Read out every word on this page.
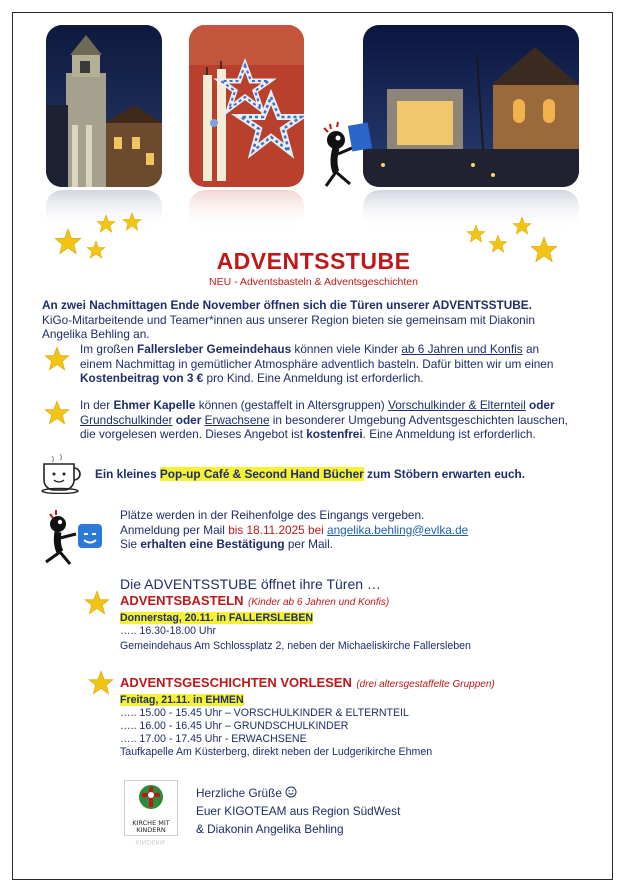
ADVENTSSTUBE
NEU - Adventsbasteln & Adventsgeschichten
An zwei Nachmittagen Ende November öffnen sich die Türen unserer ADVENTSSTUBE.
KiGo-Mitarbeitende und Teamer*innen aus unserer Region bieten sie gemeinsam mit Diakonin
Angelika Behling an.
Im großen Fallersleber Gemeindehaus können viele Kinder ab 6 Jahren und Konfis an
einem Nachmittag in gemütlicher Atmosphäre adventlich basteln. Dafür bitten wir um einen
Kostenbeitrag von 3 € pro Kind. Eine Anmeldung ist erforderlich.
In der Ehmer Kapelle können (gestaffelt in Altersgruppen) Vorschulkinder & Elternteil oder
Grundschulkinder oder Erwachsene in besonderer Umgebung Adventsgeschichten lauschen,
die vorgelesen werden. Dieses Angebot ist kostenfrei. Eine Anmeldung ist erforderlich.
Ein kleines Pop-up Café & Second Hand Bücher zum Stöbern erwarten euch.
Plätze werden in der Reihenfolge des Eingangs vergeben.
Anmeldung per Mail bis 18.11.2025 bei angelika.behling@evlka.de
Sie erhalten eine Bestätigung per Mail.
Die ADVENTSSTUBE öffnet ihre Türen …
ADVENTSBASTELN (Kinder ab 6 Jahren und Konfis)
Donnerstag, 20.11. in FALLERSLEBEN
….. 16.30-18.00 Uhr
Gemeindehaus Am Schlossplatz 2, neben der Michaeliskirche Fallersleben
ADVENTSGESCHICHTEN VORLESEN (drei altersgestaffelte Gruppen)
Freitag, 21.11. in EHMEN
….. 15.00 - 15.45 Uhr – VORSCHULKINDER & ELTERNTEIL
….. 16.00 - 16.45 Uhr – GRUNDSCHULKINDER
….. 17.00 - 17.45 Uhr - ERWACHSENE
Taufkapelle Am Küsterberg, direkt neben der Ludgerikirche Ehmen
KIRCHE MIT
KINDERN
KINDERN
Herzliche Grüße
Euer KIGOTEAM aus Region SüdWest
& Diakonin Angelika Behling
